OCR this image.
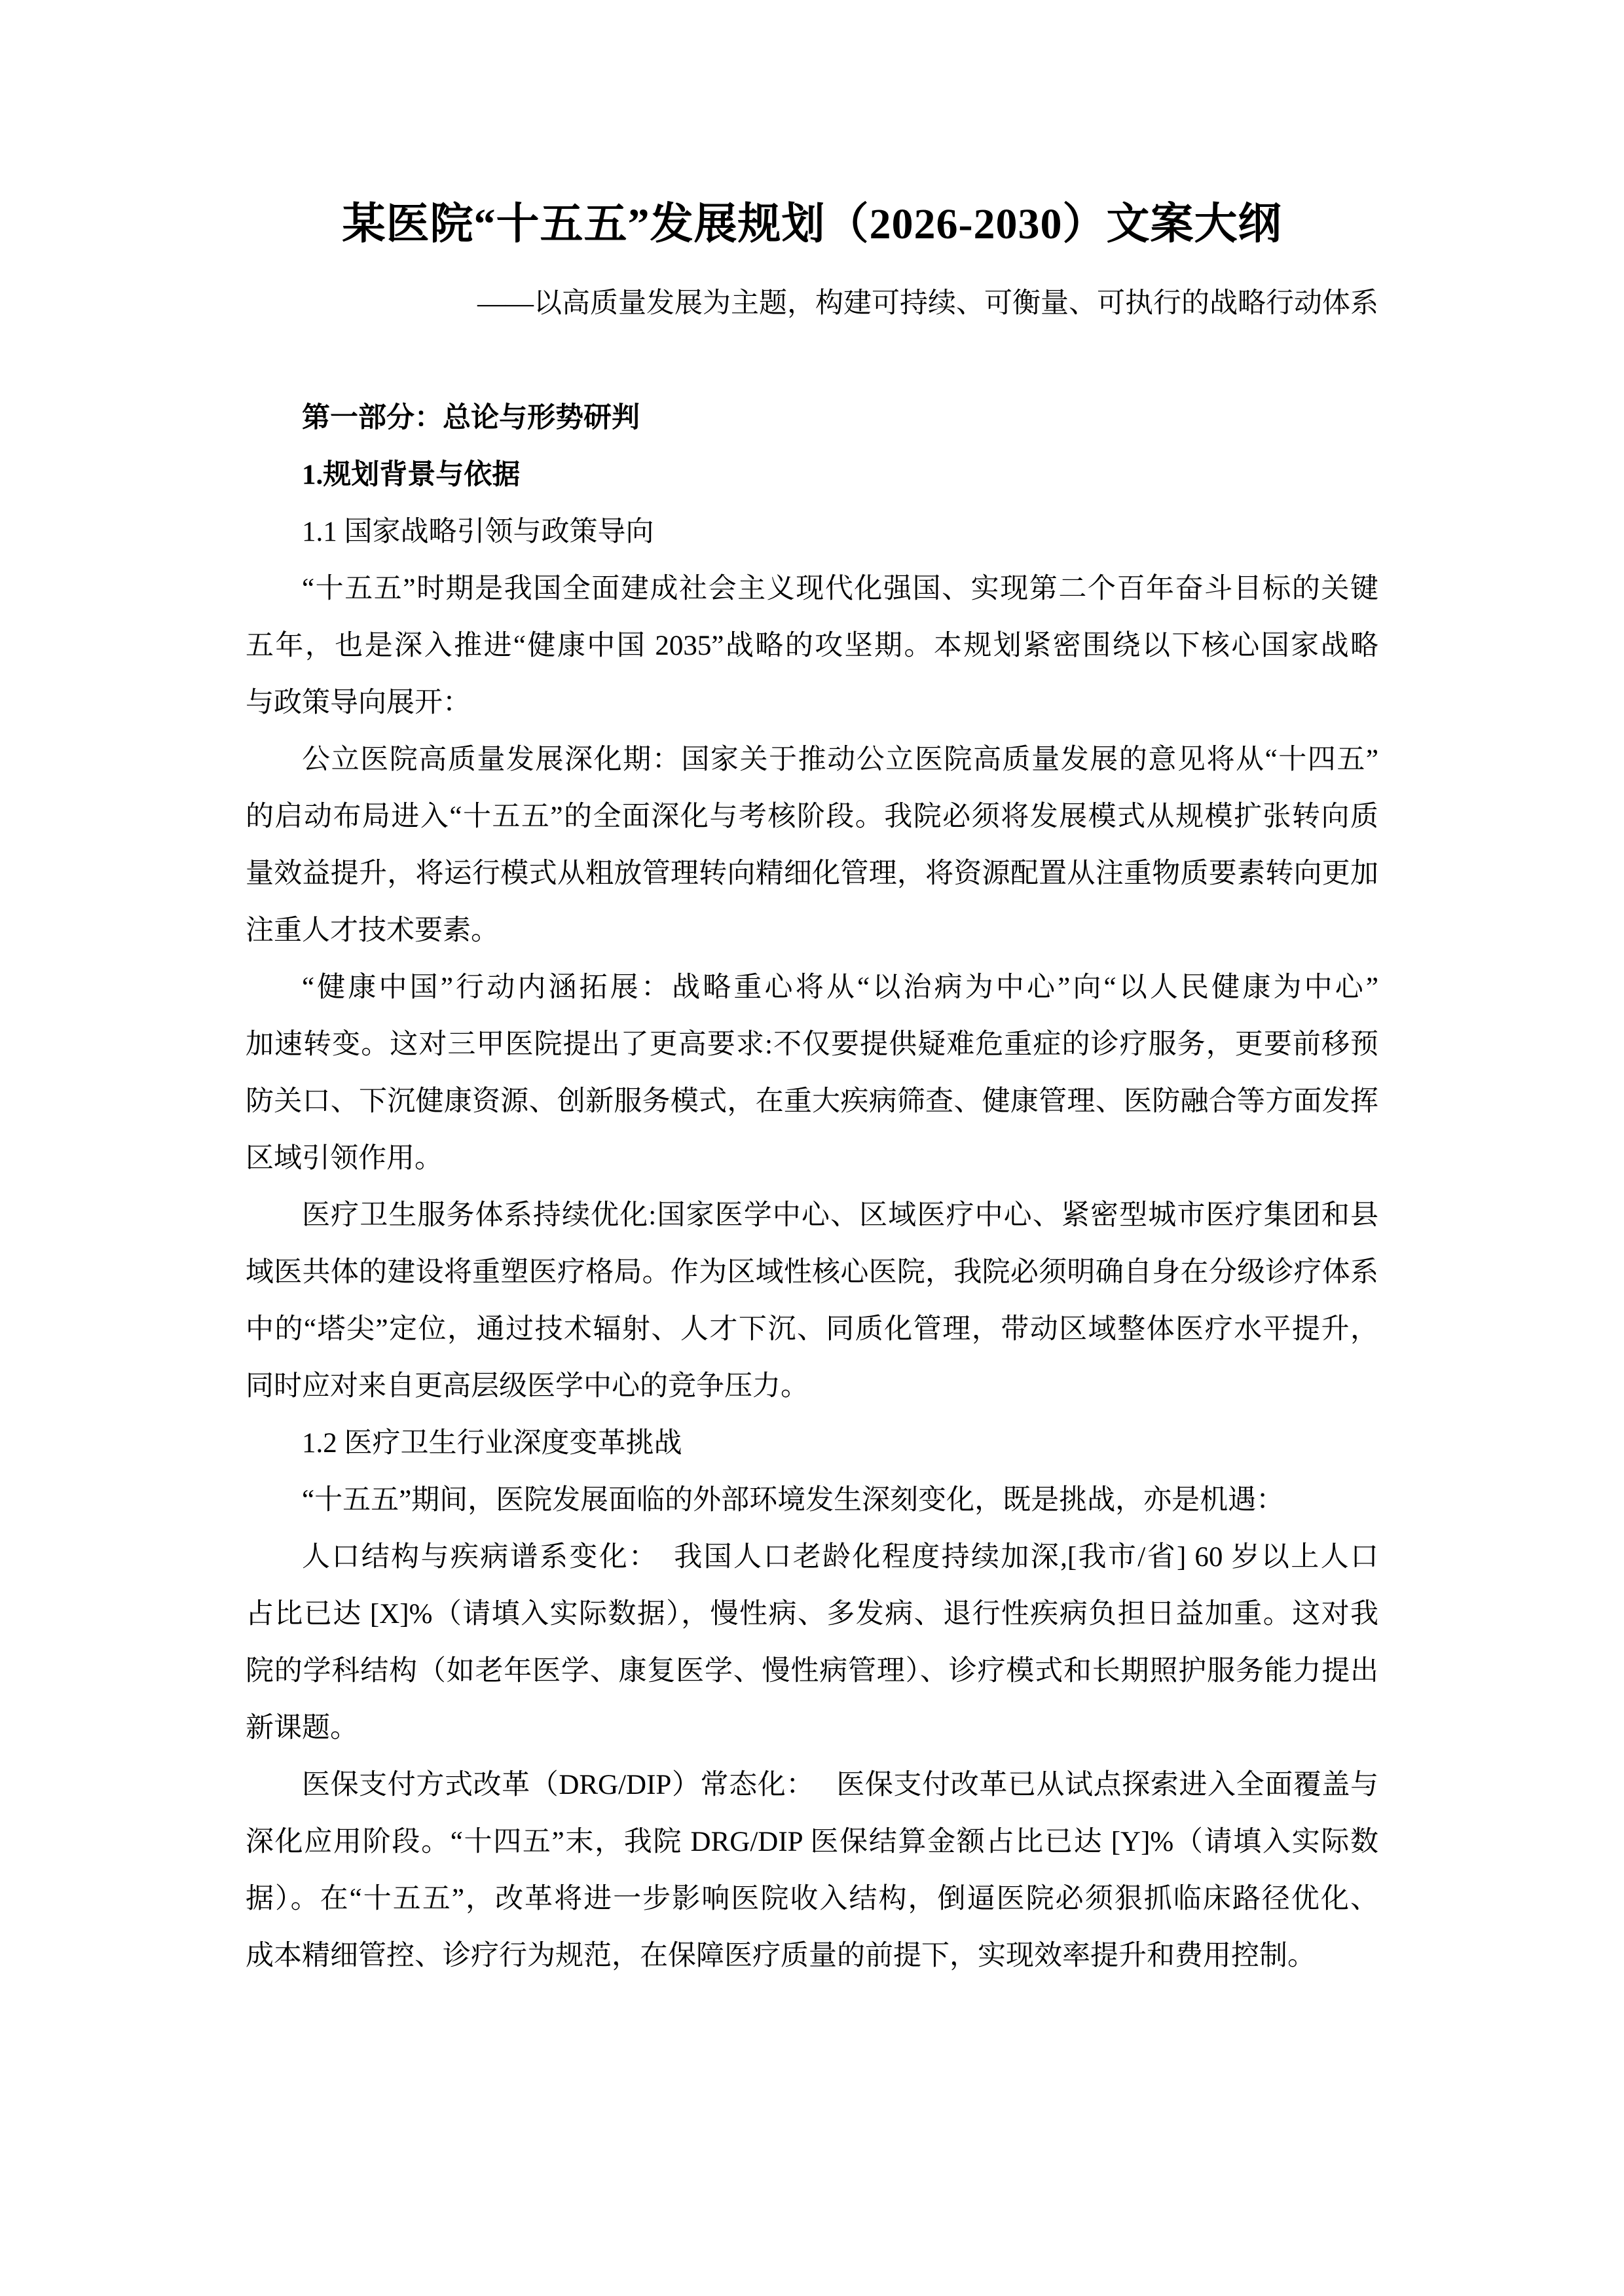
某医院“十五五”发展规划（2026-2030）文案大纲
——以高质量发展为主题，构建可持续、可衡量、可执行的战略行动体系
第一部分：总论与形势研判
1.规划背景与依据
1.1 国家战略引领与政策导向
“十五五”时期是我国全面建成社会主义现代化强国、实现第二个百年奋斗目标的关键
五年，也是深入推进“健康中国 2035”战略的攻坚期。本规划紧密围绕以下核心国家战略
与政策导向展开：
公立医院高质量发展深化期：国家关于推动公立医院高质量发展的意见将从“十四五”
的启动布局进入“十五五”的全面深化与考核阶段。我院必须将发展模式从规模扩张转向质
量效益提升，将运行模式从粗放管理转向精细化管理，将资源配置从注重物质要素转向更加
注重人才技术要素。
“健康中国”行动内涵拓展：战略重心将从“以治病为中心”向“以人民健康为中心”
加速转变。这对三甲医院提出了更高要求:不仅要提供疑难危重症的诊疗服务，更要前移预
防关口、下沉健康资源、创新服务模式，在重大疾病筛查、健康管理、医防融合等方面发挥
区域引领作用。
医疗卫生服务体系持续优化:国家医学中心、区域医疗中心、紧密型城市医疗集团和县
域医共体的建设将重塑医疗格局。作为区域性核心医院，我院必须明确自身在分级诊疗体系
中的“塔尖”定位，通过技术辐射、人才下沉、同质化管理，带动区域整体医疗水平提升，
同时应对来自更高层级医学中心的竞争压力。
1.2 医疗卫生行业深度变革挑战
“十五五”期间，医院发展面临的外部环境发生深刻变化，既是挑战，亦是机遇：
人口结构与疾病谱系变化：　我国人口老龄化程度持续加深,[我市/省] 60 岁以上人口
占比已达 [X]%（请填入实际数据），慢性病、多发病、退行性疾病负担日益加重。这对我
院的学科结构（如老年医学、康复医学、慢性病管理）、诊疗模式和长期照护服务能力提出
新课题。
医保支付方式改革（DRG/DIP）常态化：　 医保支付改革已从试点探索进入全面覆盖与
深化应用阶段。“十四五”末，我院 DRG/DIP 医保结算金额占比已达 [Y]%（请填入实际数
据）。在“十五五”，改革将进一步影响医院收入结构，倒逼医院必须狠抓临床路径优化、
成本精细管控、诊疗行为规范，在保障医疗质量的前提下，实现效率提升和费用控制。
